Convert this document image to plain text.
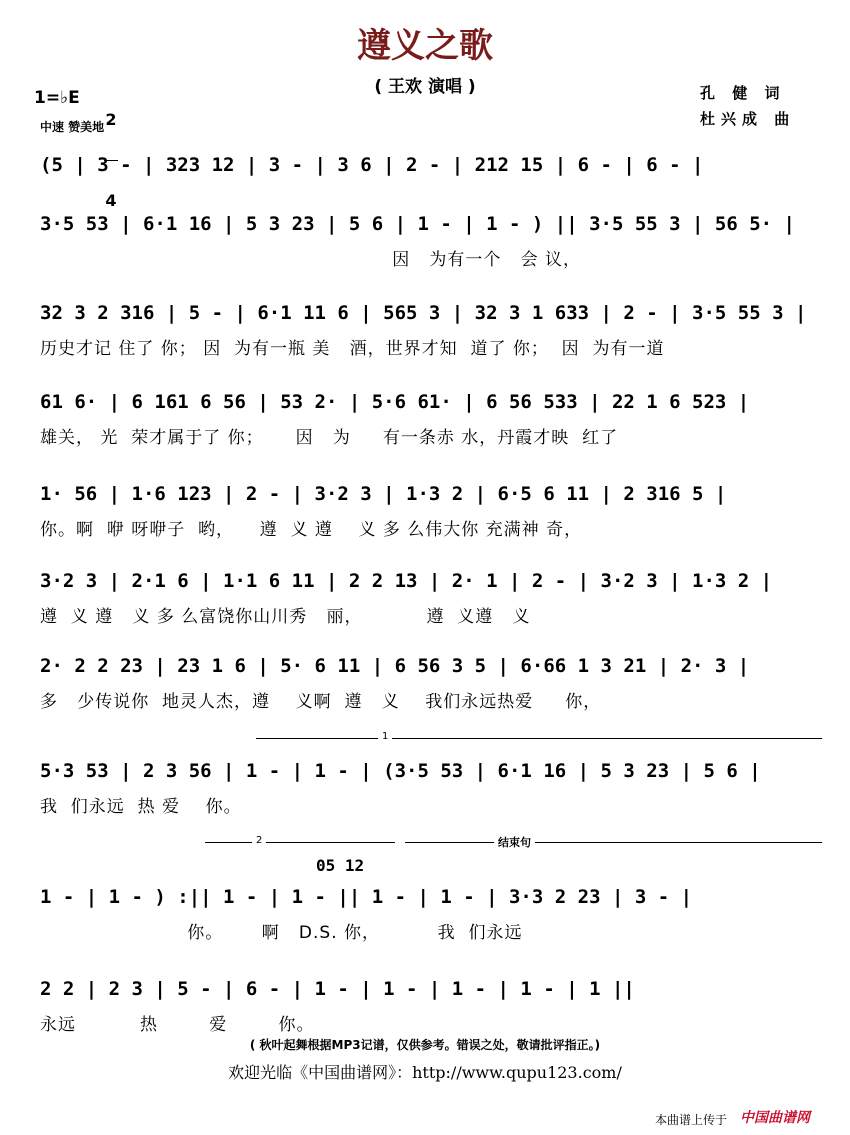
遵义之歌
( 王欢 演唱 )
1=♭E

2

4

中速 赞美地
孔 健 词
杜兴成 曲
(5 | 3 - | 323 12 | 3 - | 3 6 | 2 - | 212 15 | 6 - | 6 - |
3·5 53 | 6·1 16 | 5 3 23 | 5 6 | 1 - | 1 - ) || 3·5 55 3 | 56 5· |
因   为有一个   会 议，
32 3 2 316 | 5 - | 6·1 11 6 | 565 3 | 32 3 1 633 | 2 - | 3·5 55 3 |
历史才记 住了 你； 因  为有一瓶 美   酒，世界才知  道了 你；  因  为有一道
61 6· | 6 161 6 56 | 53 2· | 5·6 61· | 6 56 533 | 22 1 6 523 |
雄关， 光  荣才属于了 你；     因   为     有一条赤 水，丹霞才映  红了
1· 56 | 1·6 123 | 2 - | 3·2 3 | 1·3 2 | 6·5 6 11 | 2 316 5 |
你。啊  咿 呀咿子  哟，    遵  义 遵    义 多 么伟大你 充满神 奇，
3·2 3 | 2·1 6 | 1·1 6 11 | 2 2 13 | 2· 1 | 2 - | 3·2 3 | 1·3 2 |
遵  义 遵   义 多 么富饶你山川秀   丽，          遵  义遵   义
2· 2 2 23 | 23 1 6 | 5· 6 11 | 6 56 3 5 | 6·66 1 3 21 | 2· 3 |
多   少传说你  地灵人杰，遵    义啊  遵   义    我们永远热爱     你，
1
5·3 53 | 2 3 56 | 1 - | 1 - | (3·5 53 | 6·1 16 | 5 3 23 | 5 6 |
我  们永远  热 爱    你。
2	结束句
05 12
1 - | 1 - ) :|| 1 - | 1 - || 1 - | 1 - | 3·3 2 23 | 3 - |
你。      啊   D.S. 你，         我  们永远
2 2 | 2 3 | 5 - | 6 - | 1 - | 1 - | 1 - | 1 - | 1 ||
永远          热        爱        你。
( 秋叶起舞根据MP3记谱，仅供参考。错误之处，敬请批评指正。)
欢迎光临《中国曲谱网》：http://www.qupu123.com/
本曲谱上传于 中国曲谱网
